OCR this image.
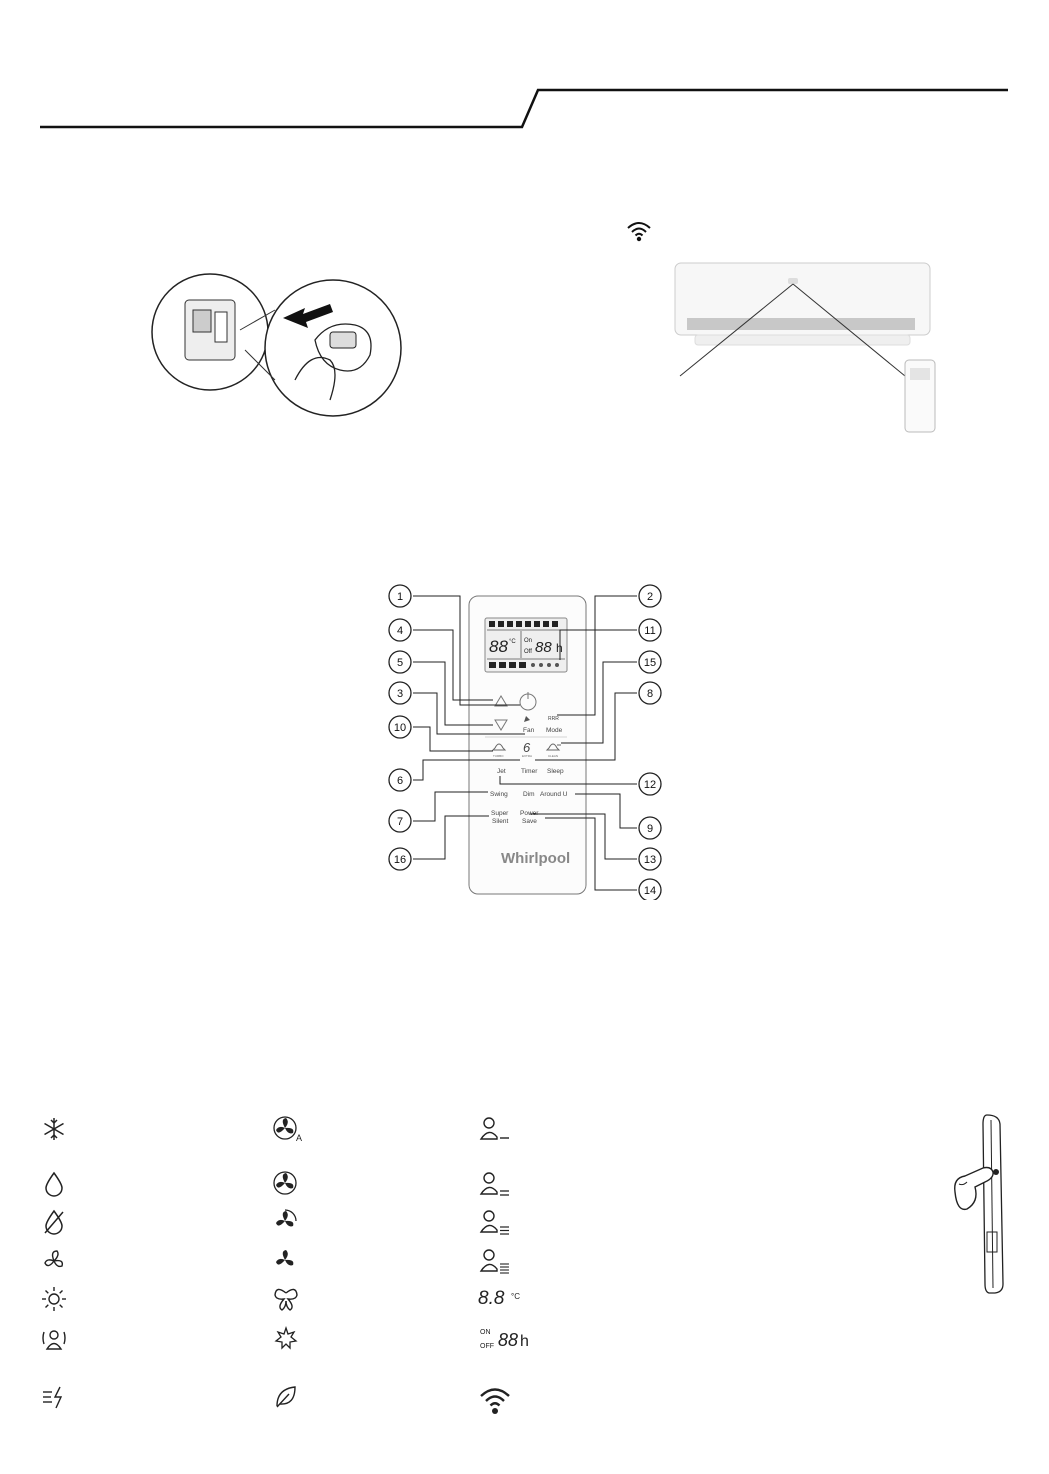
88 °C On
Off 88 h
Fan
RRR
Mode
TURBO
6
EXTRA	CLEAN
Jet Timer Sleep
Swing Dim Around U
Super
Silent
Power
Save
Whirlpool
1	2
4	11
5	15
3	8
10
6	12
7
9
16	13
14
A
8.8 °C
ON
OFF 88 h
